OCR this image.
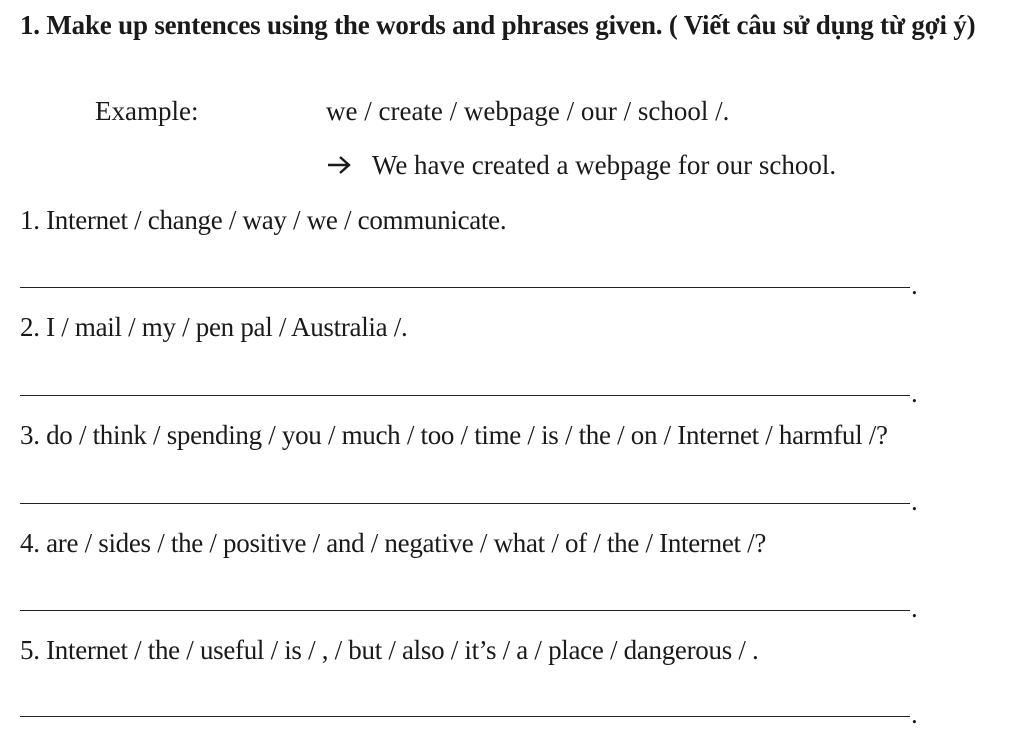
1. Make up sentences using the words and phrases given. ( Viết câu sử dụng từ gợi ý)
Example:	we / create / webpage / our / school /.
We have created a webpage for our school.
1. Internet / change / way / we / communicate.
.
2. I / mail / my / pen pal / Australia /.
.
3. do / think / spending / you / much / too / time / is / the / on / Internet / harmful /?
.
4. are / sides / the / positive / and / negative / what / of / the / Internet /?
.
5. Internet / the / useful / is / , / but / also / it’s / a / place / dangerous / .
.
